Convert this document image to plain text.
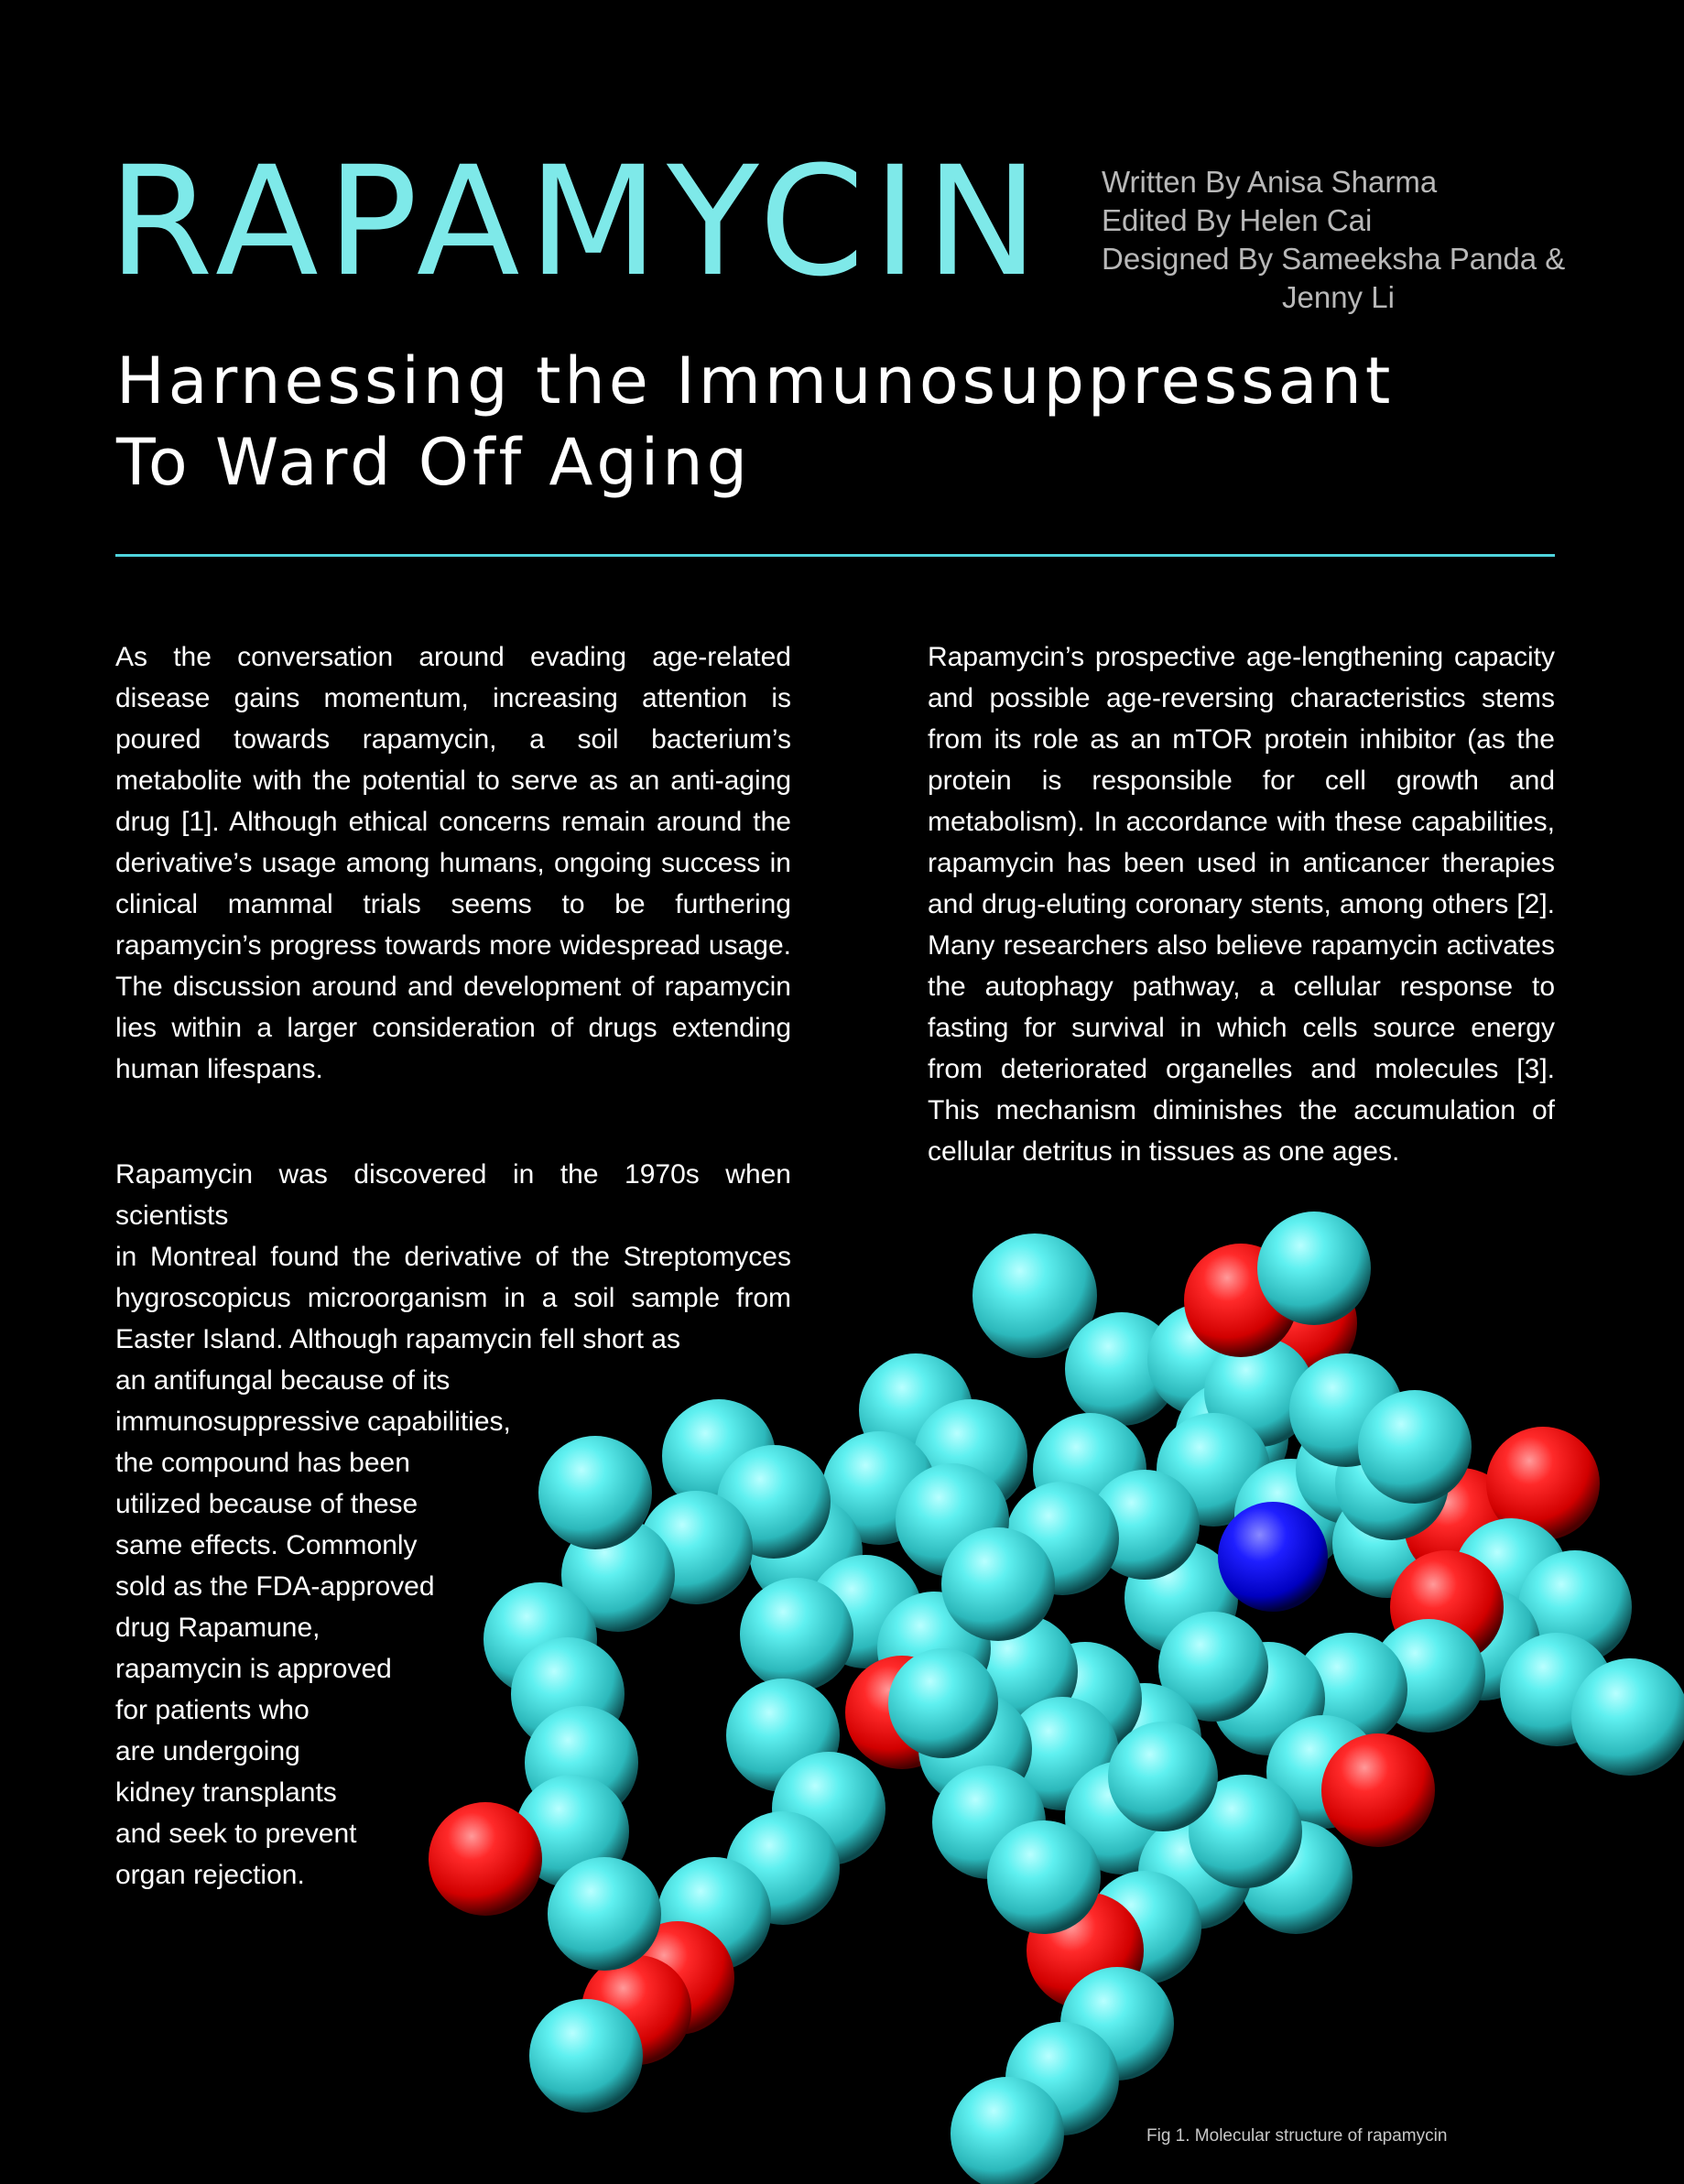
RAPAMYCIN Written By Anisa Sharma
Edited By Helen Cai
Designed By Sameeksha Panda &
Jenny Li
Harnessing the Immunosuppressant
To Ward Off Aging
As the conversation around evading age-related disease gains momentum, increasing attention is poured towards rapamycin, a soil bacterium’s metabolite with the potential to serve as an anti-aging drug [1]. Although ethical concerns remain around the derivative’s usage among humans, ongoing success in clinical mammal trials seems to be furthering rapamycin’s progress towards more widespread usage. The discussion around and development of rapamycin lies within a larger consideration of drugs extending human lifespans.
Rapamycin’s prospective age-lengthening capacity and possible age-reversing characteristics stems from its role as an mTOR protein inhibitor (as the protein is responsible for cell growth and metabolism). In accordance with these capabilities, rapamycin has been used in anticancer therapies and drug-eluting coronary stents, among others [2]. Many researchers also believe rapamycin activates the autophagy pathway, a cellular response to fasting for survival in which cells source energy from deteriorated organelles and molecules [3]. This mechanism diminishes the accumulation of cellular detritus in tissues as one ages.
Rapamycin was discovered in the 1970s when scientists
in Montreal found the derivative of the Streptomyces
hygroscopicus microorganism in a soil sample from
Easter Island. Although rapamycin fell short as
an antifungal because of its
immunosuppressive capabilities,
the compound has been
utilized because of these
same effects. Commonly
sold as the FDA-approved
drug Rapamune,
rapamycin is approved
for patients who
are undergoing
kidney transplants
and seek to prevent
organ rejection.
Fig 1. Molecular structure of rapamycin
